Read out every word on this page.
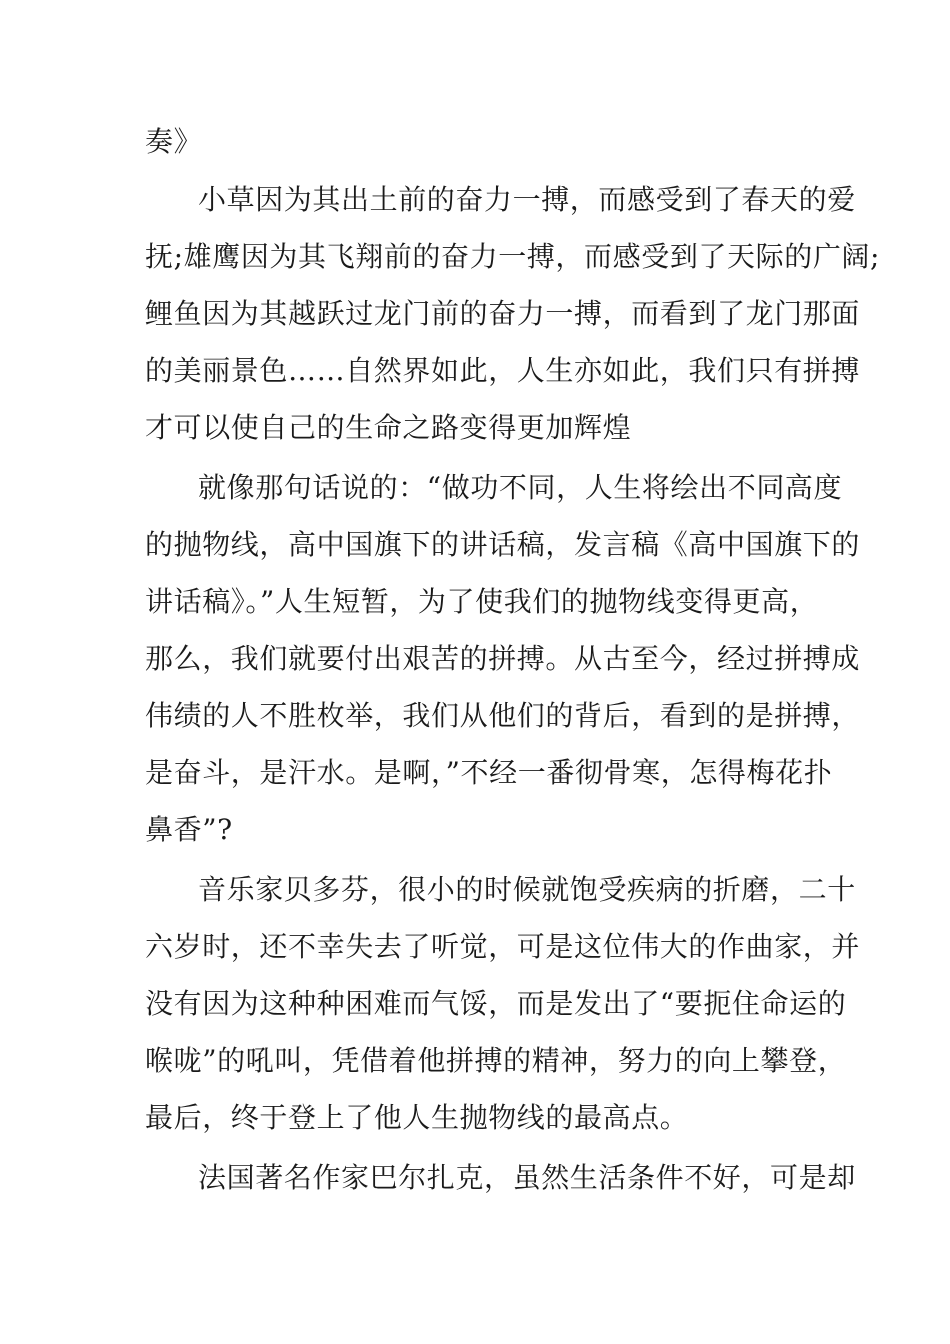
奏》
小草因为其出土前的奋力一搏，而感受到了春天的爱
抚;雄鹰因为其飞翔前的奋力一搏，而感受到了天际的广阔;
鲤鱼因为其越跃过龙门前的奋力一搏，而看到了龙门那面
的美丽景色……自然界如此，人生亦如此，我们只有拼搏
才可以使自己的生命之路变得更加辉煌
就像那句话说的：“做功不同，人生将绘出不同高度
的抛物线，高中国旗下的讲话稿，发言稿《高中国旗下的
讲话稿》。”人生短暂，为了使我们的抛物线变得更高，
那么，我们就要付出艰苦的拼搏。从古至今，经过拼搏成
伟绩的人不胜枚举，我们从他们的背后，看到的是拼搏，
是奋斗，是汗水。是啊，”不经一番彻骨寒，怎得梅花扑
鼻香”?
音乐家贝多芬，很小的时候就饱受疾病的折磨，二十
六岁时，还不幸失去了听觉，可是这位伟大的作曲家，并
没有因为这种种困难而气馁，而是发出了“要扼住命运的
喉咙”的吼叫，凭借着他拼搏的精神，努力的向上攀登，
最后，终于登上了他人生抛物线的最高点。
法国著名作家巴尔扎克，虽然生活条件不好，可是却
